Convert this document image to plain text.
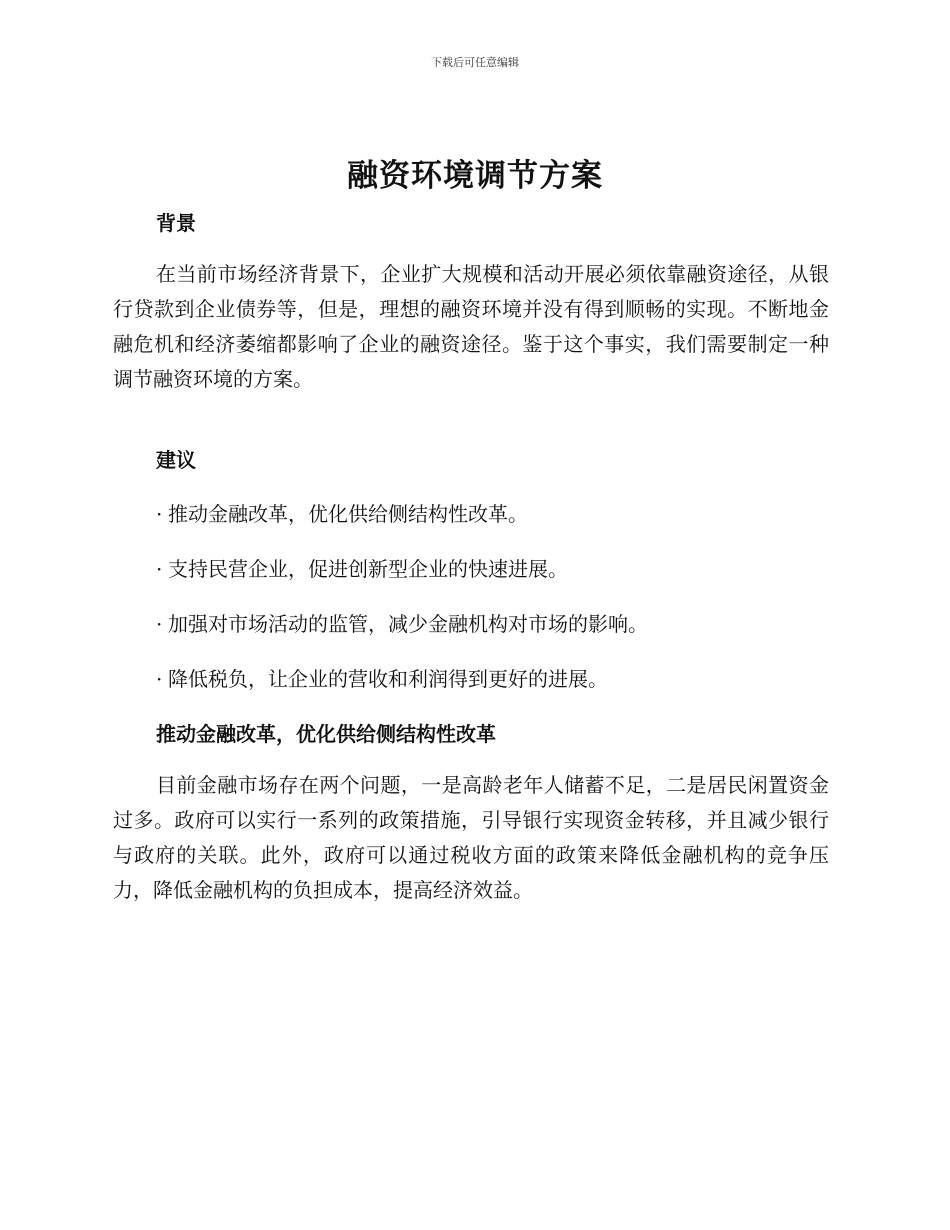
下载后可任意编辑
融资环境调节方案
背景

在当前市场经济背景下，企业扩大规模和活动开展必须依靠融资途径，从银行贷款到企业债券等，但是，理想的融资环境并没有得到顺畅的实现。不断地金融危机和经济萎缩都影响了企业的融资途径。鉴于这个事实，我们需要制定一种调节融资环境的方案。

建议
· 推动金融改革，优化供给侧结构性改革。
· 支持民营企业，促进创新型企业的快速进展。
· 加强对市场活动的监管，减少金融机构对市场的影响。
· 降低税负，让企业的营收和利润得到更好的进展。
推动金融改革，优化供给侧结构性改革

目前金融市场存在两个问题，一是高龄老年人储蓄不足，二是居民闲置资金过多。政府可以实行一系列的政策措施，引导银行实现资金转移，并且减少银行与政府的关联。此外，政府可以通过税收方面的政策来降低金融机构的竞争压力，降低金融机构的负担成本，提高经济效益。
